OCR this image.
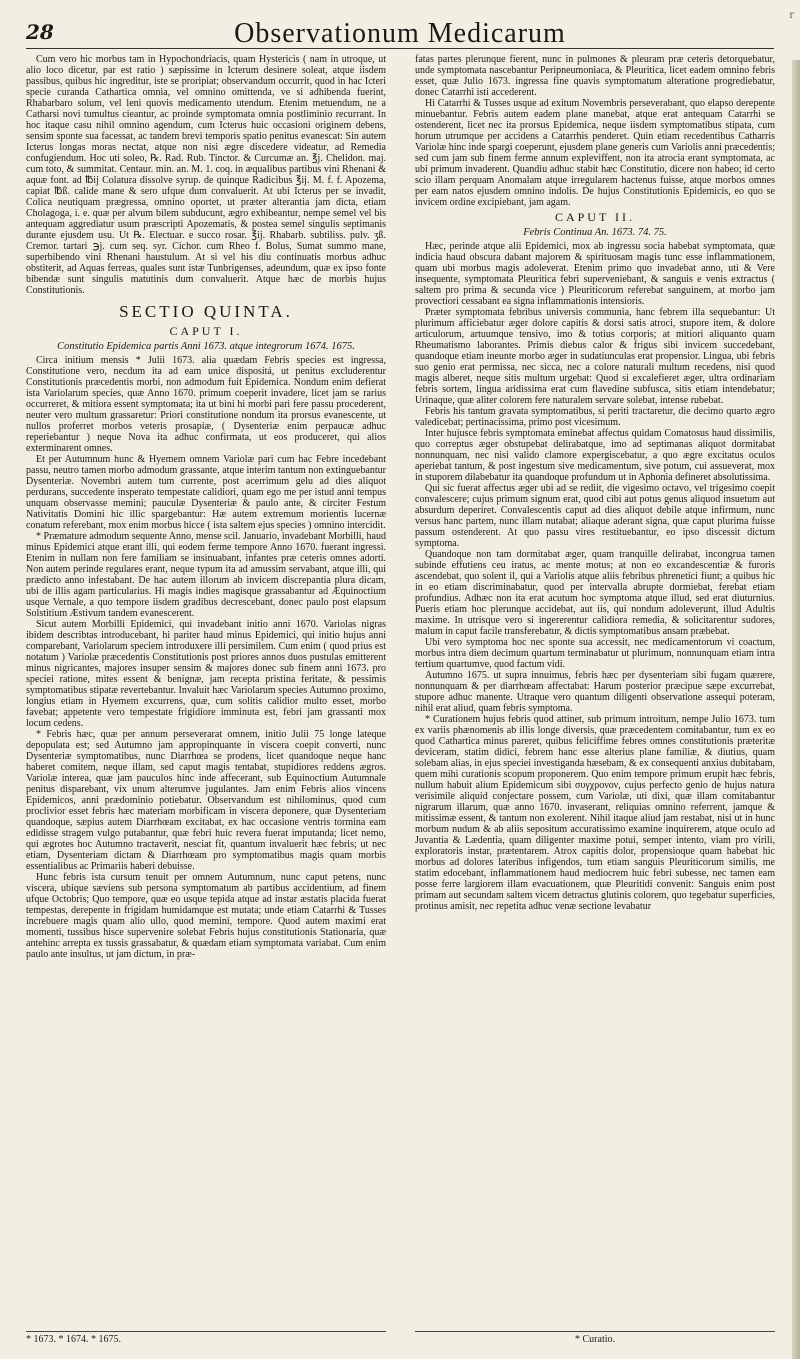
28	Observationum Medicarum
r

Cum vero hic morbus tam in Hypochondriacis, quam Hystericis ( nam in utroque, ut alio loco dicetur, par est ratio ) sæpissime in Icterum desinere soleat, atque iisdem passibus, quibus hic ingreditur, iste se proripiat; observandum occurrit, quod in hac Icteri specie curanda Cathartica omnia, vel omnino omittenda, ve si adhibenda fuerint, Rhabarbaro solum, vel leni quovis medicamento utendum. Etenim metuendum, ne a Catharsi novi tumultus cieantur, ac proinde symptomata omnia postliminio recurrant. In hoc itaque casu nihil omnino agendum, cum Icterus huic occasioni originem debens, sensim sponte sua facessat, ac tandem brevi temporis spatio penitus evanescat: Sin autem Icterus longas moras nectat, atque non nisi ægre discedere videatur, ad Remedia confugiendum. Hoc uti soleo, ℞. Rad. Rub. Tinctor. & Curcumæ an. ℥j. Chelidon. maj. cum toto, & summitat. Centaur. min. an. M. 1. coq. in æqualibus partibus vini Rhenani & aquæ font. ad ℔ij Colatura dissolve syrup. de quinque Radicibus ℥ij. M. f. f. Apozema, capiat ℔ß. calide mane & sero ufque dum convaluerit. At ubi Icterus per se invadit, Colica neutiquam prægressa, omnino oportet, ut præter alterantia jam dicta, etiam Cholagoga, i. e. quæ per alvum bilem subducunt, ægro exhibeantur, nempe semel vel bis antequam aggrediatur usum præscripti Apozematis, & postea semel singulis septimanis durante ejusdem usu. Ut ℞. Electuar. e succo rosar. ℥ij. Rhabarb. subtiliss. pulv. ʒß. Cremor. tartari ℈j. cum seq. syr. Cichor. cum Rheo f. Bolus, Sumat summo mane, superbibendo vini Rhenani haustulum. At si vel his diu continuatis morbus adhuc obstiterit, ad Aquas ferreas, quales sunt istæ Tunbrigenses, adeundum, quæ ex ipso fonte bibendæ sunt singulis matutinis dum convaluerit. Atque hæc de morbis hujus Constitutionis.

SECTIO QUINTA.
CAPUT I.
Constitutio Epidemica partis Anni 1673. atque integrorum 1674. 1675.

Circa initium mensis * Julii 1673. alia quædam Febris species est ingressa, Constitutione vero, necdum ita ad eam unice dispositá, ut penitus excluderentur Constitutionis præcedentis morbi, non admodum fuit Epidemica. Nondum enim defierat ista Variolarum species, quæ Anno 1670. primum coeperit invadere, licet jam se rarius occurreret, & mitiora essent symptomata; ita ut bini hi morbi pari fere passu procederent, neuter vero multum grassaretur: Priori constitutione nondum ita prorsus evanescente, ut nullos proferret morbos veteris prosapiæ, ( Dysenteriæ enim perpaucæ adhuc reperiebantur ) neque Nova ita adhuc confirmata, ut eos produceret, qui alios exterminarent omnes.

Et per Autumnum hunc & Hyemem omnem Variolæ pari cum hac Febre incedebant passu, neutro tamen morbo admodum grassante, atque interim tantum non extinguebantur Dysenteriæ. Novembri autem tum currente, post acerrimum gelu ad dies aliquot perdurans, succedente insperato tempestate calidiori, quam ego me per istud anni tempus unquam observasse memini; pauculæ Dysenteriæ & paulo ante, & circiter Festum Nativitatis Domini hic illic spargebantur: Hæ autem extremum morientis lucernæ conatum referebant, mox enim morbus hicce ( ista saltem ejus species ) omnino intercidit.

* Præmature admodum sequente Anno, mense scil. Januario, invadebant Morbilli, haud minus Epidemici atque erant illi, qui eodem ferme tempore Anno 1670. fuerant ingressi. Etenim in nullam non fere familiam se insinuabant, infantes præ ceteris omnes adorti. Non autem perinde regulares erant, neque typum ita ad amussim servabant, atque illi, qui prædicto anno infestabant. De hac autem illorum ab invicem discrepantia plura dicam, ubi de illis agam particularius. Hi magis indies magisque grassabantur ad Æquinoctium usque Vernale, a quo tempore iisdem gradibus decrescebant, donec paulo post elapsum Solstitium Æstivum tandem evanescerent.

Sicut autem Morbilli Epidemici, qui invadebant initio anni 1670. Variolas nigras ibidem describtas introducebant, hi pariter haud minus Epidemici, qui initio hujus anni comparebant, Variolarum speciem introduxere illi persimilem. Cum enim ( quod prius est notatum ) Variolæ præcedentis Constitutionis post priores annos duos pustulas emitterent minus nigricantes, majores insuper sensim & majores donec sub finem anni 1673. pro speciei ratione, mites essent & benignæ, jam recepta pristina feritate, & pessimis symptomatibus stipatæ revertebantur. Invaluit hæc Variolarum species Autumno proximo, longius etiam in Hyemem excurrens, quæ, cum solitis calidior multo esset, morbo favebat; appetente vero tempestate frigidiore imminuta est, febri jam grassanti mox locum cedens.

* Febris hæc, quæ per annum perseverarat omnem, initio Julii 75 longe lateque depopulata est; sed Autumno jam appropinquante in viscera coepit converti, nunc Dysenteriæ symptomatibus, nunc Diarrhœa se prodens, licet quandoque neque hanc haberet comitem, neque illam, sed caput magis tentabat, stupidiores reddens ægros. Variolæ interea, quæ jam pauculos hinc inde affecerant, sub Equinoctium Autumnale penitus disparebant, vix unum alterumve jugulantes. Jam enim Febris alios vincens Epidemicos, anni prædominio potiebatur. Observandum est nihilominus, quod cum proclivior esset febris hæc materiam morbificam in viscera deponere, quæ Dysenteriam quandoque, sæpius autem Diarrhœam excitabat, ex hac occasione ventris tormina eam edidisse stragem vulgo putabantur, quæ febri huic revera fuerat imputanda; licet nemo, qui ægrotes hoc Autumno tractaverit, nesciat fit, quantum invaluerit hæc febris; ut nec etiam, Dysenteriam dictam & Diarrhœam pro symptomatibus magis quam morbis essentialibus ac Primariis haberi debuisse.

Hunc febris ista cursum tenuit per omnem Autumnum, nunc caput petens, nunc viscera, ubique sæviens sub persona symptomatum ab partibus accidentium, ad finem ufque Octobris; Quo tempore, quæ eo usque tepida atque ad instar æstatis placida fuerat tempestas, derepente in frigidam humidamque est mutata; unde etiam Catarrhi & Tusses increbuere magis quam alio ullo, quod memini, tempore. Quod autem maximi erat momenti, tussibus hisce supervenire solebat Febris hujus constitutionis Stationaria, quæ antehinc arrepta ex tussis grassabatur, & quædam etiam symptomata variabat. Cum enim paulo ante insultus, ut jam dictum, in præ-

* 1673. * 1674. * 1675.

fatas partes plerunque fierent, nunc in pulmones & pleuram præ ceteris detorquebatur, unde symptomata nascebantur Peripneumoniaca, & Pleuritica, licet eadem omnino febris esset, quæ Julio 1673. ingressa fine quavis symptomatum alteratione progrediebatur, donec Catarrhi isti accederent.

Hi Catarrhi & Tusses usque ad exitum Novembris perseverabant, quo elapso derepente minuebantur. Febris autem eadem plane manebat, atque erat antequam Catarrhi se ostenderent, licet nec ita prorsus Epidemica, neque iisdem symptomatibus stipata, cum horum utrumque per accidens a Catarrhis penderet. Quin etiam recedentibus Catharris Variolæ hinc inde spargi coeperunt, ejusdem plane generis cum Variolis anni præcedentis; sed cum jam sub finem ferme annum expleviffent, non ita atrocia erant symptomata, ac ubi primum invaderent. Quandiu adhuc stabit hæc Constitutio, dicere non habeo; id certo scio illam perquam Anomalam atque irregularem hactenus fuisse, atque morbos omnes per eam natos ejusdem omnino indolis. De hujus Constitutionis Epidemicis, eo quo se invicem ordine excipiebant, jam agam.

CAPUT II.
Febris Continua An. 1673. 74. 75.

Hæc, perinde atque alii Epidemici, mox ab ingressu socia habebat symptomata, quæ indicia haud obscura dabant majorem & spirituosam magis tunc esse inflammationem, quam ubi morbus magis adoleverat. Etenim primo quo invadebat anno, uti & Vere insequente, symptomata Pleuritica febri superveniebant, & sanguis e venis extractus ( saltem pro prima & secunda vice ) Pleuriticorum referebat sanguinem, at morbo jam provectiori cessabant ea signa inflammationis intensioris.

Præter symptomata febribus universis communia, hanc febrem illa sequebantur: Ut plurimum afficiebatur æger dolore capitis & dorsi satis atroci, stupore item, & dolore articulorum, artuumque tensivo, imo & totius corporis; at mitiori aliquanto quam Rheumatismo laborantes. Primis diebus calor & frigus sibi invicem succedebant, quandoque etiam ineunte morbo æger in sudatiunculas erat propensior. Lingua, ubi febris suo genio erat permissa, nec sicca, nec a colore naturali multum recedens, nisi quod magis alberet, neque sitis multum urgebat: Quod si excalefieret æger, ultra ordinariam febris sortem, lingua aridissima erat cum flavedine subfusca, sitis etiam intendebatur; Urinaque, quæ aliter colorem fere naturalem servare solebat, intense rubebat.

Febris his tantum gravata symptomatibus, si periti tractaretur, die decimo quarto ægro valedicebat; pertinacissima, primo post vicesimum.

Inter hujusce febris symptomata eminebat affectus quidam Comatosus haud dissimilis, quo correptus æger obstupebat delirabatque, imo ad septimanas aliquot dormitabat nonnunquam, nec nisi valido clamore expergiscebatur, a quo ægre excitatus oculos aperiebat tantum, & post ingestum sive medicamentum, sive potum, cui assueverat, mox in stuporem dilabebatur ita quandoque profundum ut in Aphonia defineret absolutissima.

Qui sic fuerat affectus æger ubi ad se rediit, die vigesimo octavo, vel trigesimo coepit convalescere; cujus primum signum erat, quod cibi aut potus genus aliquod insuetum aut absurdum deperiret. Convalescentis caput ad dies aliquot debile atque infirmum, nunc versus hanc partem, nunc illam nutabat; aliaque aderant signa, quæ caput plurima fuisse passum ostenderent. At quo passu vires restituebantur, eo ipso discessit dictum symptoma.

Quandoque non tam dormitabat æger, quam tranquille delirabat, incongrua tamen subinde effutiens ceu iratus, ac mente motus; at non eo excandescentiæ & furoris ascendebat, quo solent il, qui a Variolis atque aliis febribus phrenetici fiunt; a quibus hic in eo etiam discriminabatur, quod per intervalla abrupte dormiebat, ferebat etiam profundius. Adhæc non ita erat acutum hoc symptoma atque illud, sed erat diuturnius. Pueris etiam hoc plerunque accidebat, aut iis, qui nondum adoleverunt, illud Adultis maxime. In utrisque vero si ingererentur calidiora remedia, & solicitarentur sudores, malum in caput facile transferebatur, & dictis symptomatibus ansam præbebat.

Ubi vero symptoma hoc nec sponte sua accessit, nec medicamentorum vi coactum, morbus intra diem decimum quartum terminabatur ut plurimum, nonnunquam etiam intra tertium quartumve, quod factum vidi.

Autumno 1675. ut supra innuimus, febris hæc per dysenteriam sibi fugam quærere, nonnunquam & per diarrhœam affectabat: Harum posterior præcipue sæpe excurrebat, stupore adhuc manente. Utraque vero quantum diligenti observatione assequi poteram, nihil erat aliud, quam febris symptoma.

* Curationem hujus febris quod attinet, sub primum introitum, nempe Julio 1673. tum ex variis phænomenis ab illis longe diversis, quæ præcedentem comitabantur, tum ex eo quod Cathartica minus pareret, quibus feliciffime febres omnes constitutionis præteritæ deviceram, statim didici, febrem hanc esse alterius plane familiæ, & diutius, quam solebam alias, in ejus speciei investiganda hæsebam, & ex consequenti anxius dubitabam, quem mihi curationis scopum proponerem. Quo enim tempore primum erupit hæc febris, nullum habuit alium Epidemicum sibi συγχρονον, cujus perfecto genio de hujus natura verisimile aliquid conjectare possem, cum Variolæ, uti dixi, quæ illam comitabantur nigrarum illarum, quæ anno 1670. invaserant, reliquias omnino referrent, jamque & mitissimæ essent, & tantum non exolerent. Nihil itaque aliud jam restabat, nisi ut in hunc morbum nudum & ab aliis sepositum accuratissimo examine inquirerem, atque oculo ad Juvantia & Lædentia, quam diligenter maxime potui, semper intento, viam pro virili, exploratoris instar, prætentarem. Atrox capitis dolor, propensioque quam habebat hic morbus ad dolores lateribus infigendos, tum etiam sanguis Pleuriticorum similis, me statim edocebant, inflammationem haud mediocrem huic febri subesse, nec tamen eam posse ferre largiorem illam evacuationem, quæ Pleuritidi convenit: Sanguis enim post primam aut secundam saltem vicem detractus glutinis colorem, quo tegebatur superficies, protinus amisit, nec repetita adhuc venæ sectione levabatur

* Curatio.
